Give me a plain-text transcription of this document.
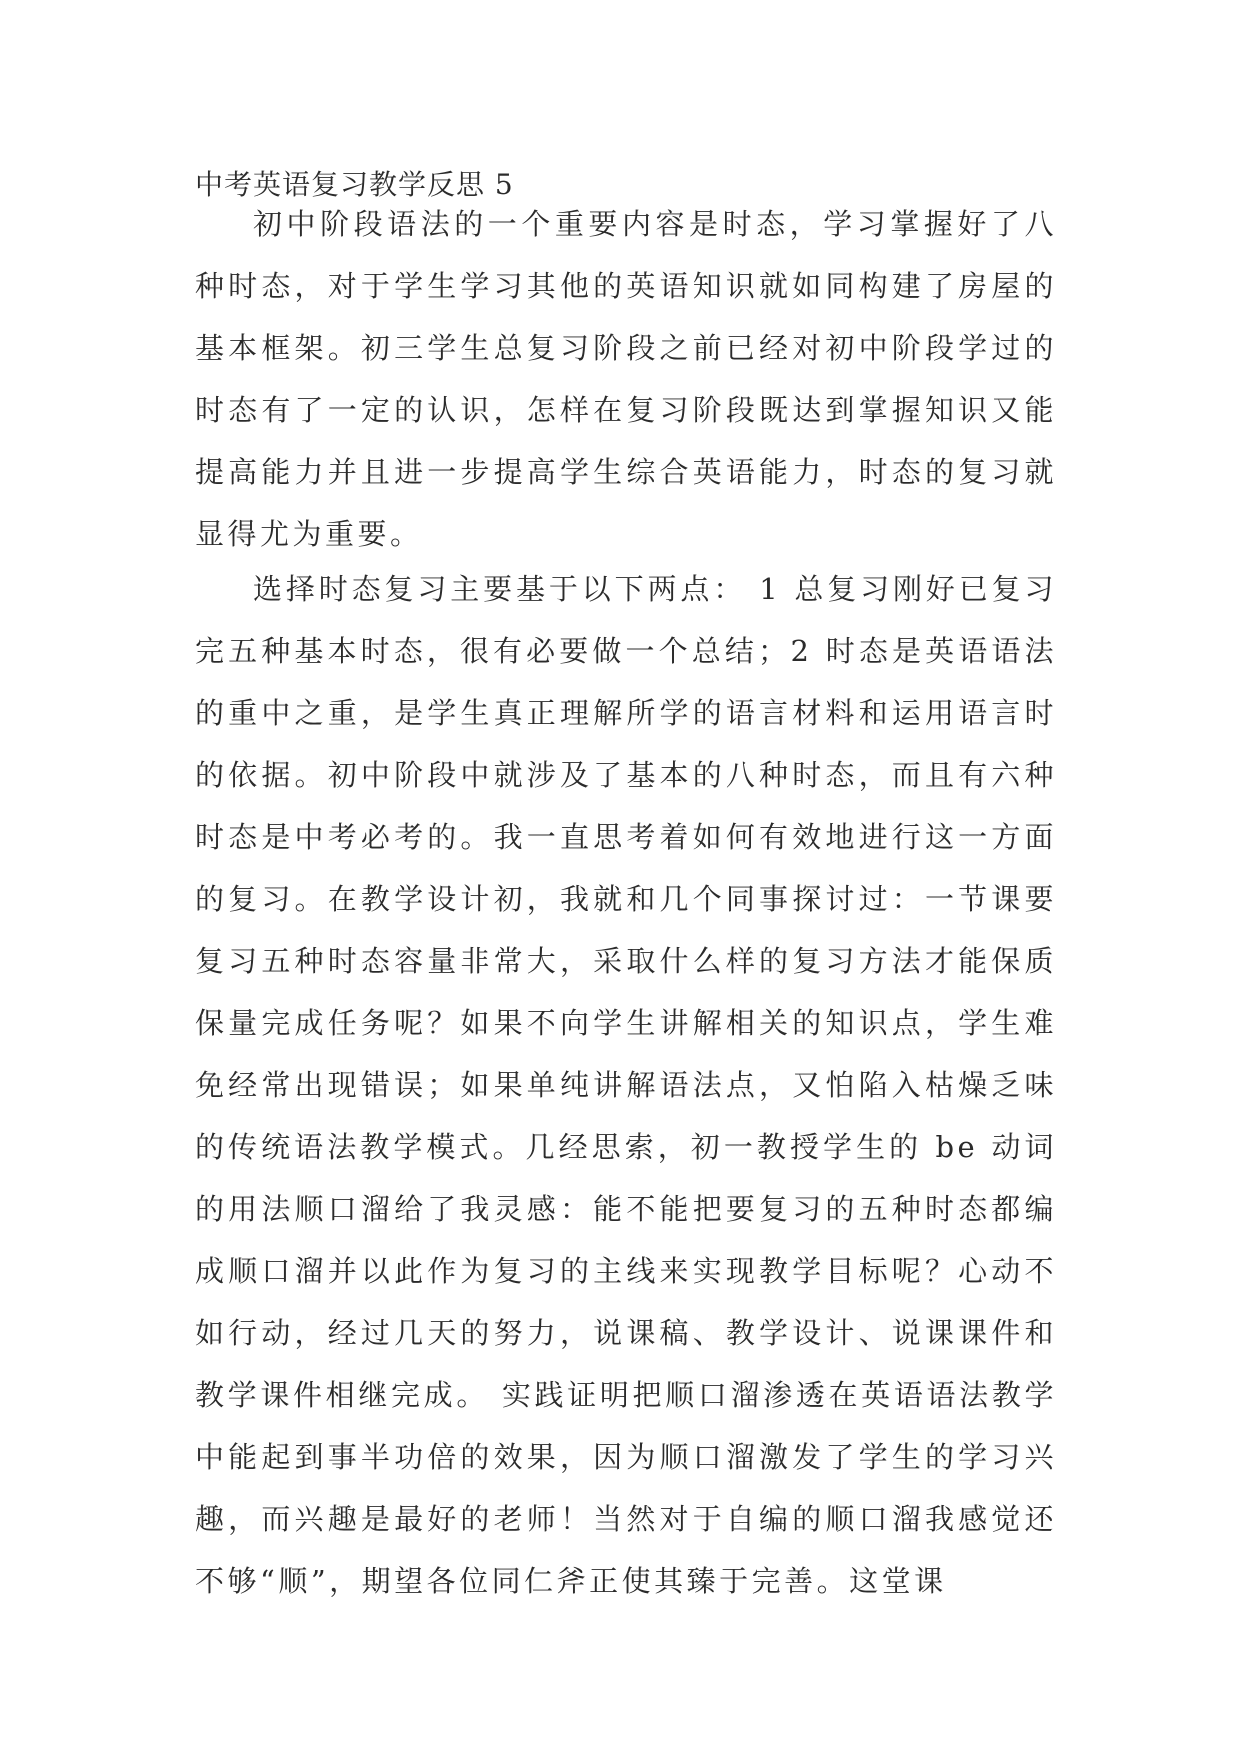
中考英语复习教学反思 5

初中阶段语法的一个重要内容是时态，学习掌握好了八种时态，对于学生学习其他的英语知识就如同构建了房屋的基本框架。初三学生总复习阶段之前已经对初中阶段学过的时态有了一定的认识，怎样在复习阶段既达到掌握知识又能提高能力并且进一步提高学生综合英语能力，时态的复习就显得尤为重要。

选择时态复习主要基于以下两点： 1 总复习刚好已复习完五种基本时态，很有必要做一个总结；2 时态是英语语法的重中之重，是学生真正理解所学的语言材料和运用语言时的依据。初中阶段中就涉及了基本的八种时态，而且有六种时态是中考必考的。我一直思考着如何有效地进行这一方面的复习。在教学设计初，我就和几个同事探讨过：一节课要复习五种时态容量非常大，采取什么样的复习方法才能保质保量完成任务呢？如果不向学生讲解相关的知识点，学生难免经常出现错误；如果单纯讲解语法点，又怕陷入枯燥乏味的传统语法教学模式。几经思索，初一教授学生的 be 动词的用法顺口溜给了我灵感：能不能把要复习的五种时态都编成顺口溜并以此作为复习的主线来实现教学目标呢？心动不如行动，经过几天的努力，说课稿、教学设计、说课课件和教学课件相继完成。 实践证明把顺口溜渗透在英语语法教学中能起到事半功倍的效果，因为顺口溜激发了学生的学习兴趣，而兴趣是最好的老师！当然对于自编的顺口溜我感觉还不够“顺”，期望各位同仁斧正使其臻于完善。这堂课
